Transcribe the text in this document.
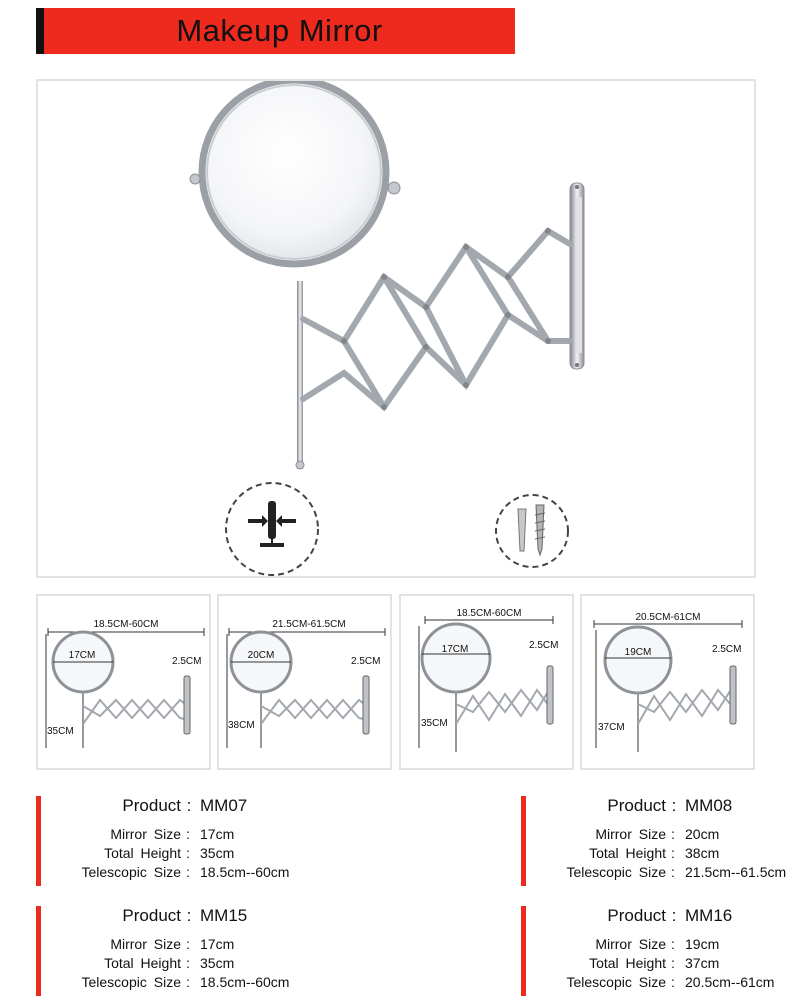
Makeup Mirror
18.5CM-60CM
17CM
35CM
2.5CM
21.5CM-61.5CM
20CM
38CM
2.5CM
18.5CM-60CM
17CM
35CM
2.5CM
20.5CM-61CM
19CM
37CM
2.5CM
Product : MM07
Mirror Size : 17cm
Total Height : 35cm
Telescopic Size : 18.5cm--60cm
Product : MM08
Mirror Size : 20cm
Total Height : 38cm
Telescopic Size : 21.5cm--61.5cm
Product : MM15
Mirror Size : 17cm
Total Height : 35cm
Telescopic Size : 18.5cm--60cm
Product : MM16
Mirror Size : 19cm
Total Height : 37cm
Telescopic Size : 20.5cm--61cm
